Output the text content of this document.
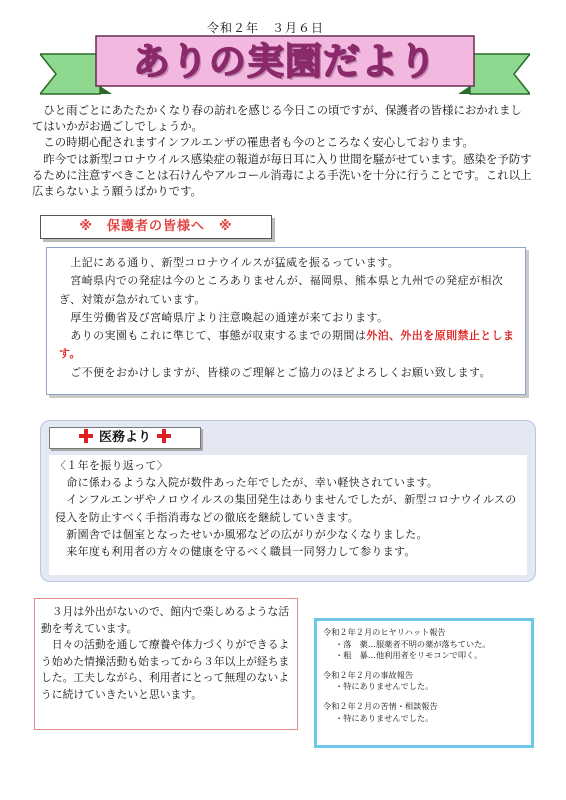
令和２年　３月６日
ありの実園だより

　ひと雨ごとにあたたかくなり春の訪れを感じる今日この頃ですが、保護者の皆様におかれましてはいかがお過ごしでしょうか。

　この時期心配されますインフルエンザの罹患者も今のところなく安心しております。

　昨今では新型コロナウイルス感染症の報道が毎日耳に入り世間を騒がせています。感染を予防するために注意すべきことは石けんやアルコール消毒による手洗いを十分に行うことです。これ以上広まらないよう願うばかりです。

※　保護者の皆様へ　※

　上記にある通り、新型コロナウイルスが猛威を振るっています。

　宮崎県内での発症は今のところありませんが、福岡県、熊本県と九州での発症が相次ぎ、対策が急がれています。

　厚生労働省及び宮崎県庁より注意喚起の通達が来ております。

　ありの実園もこれに準じて、事態が収束するまでの期間は外泊、外出を原則禁止とします。

　ご不便をおかけしますが、皆様のご理解とご協力のほどよろしくお願い致します。

医務より

〈１年を振り返って〉

　命に係わるような入院が数件あった年でしたが、幸い軽快されています。

　インフルエンザやノロウイルスの集団発生はありませんでしたが、新型コロナウイルスの侵入を防止すべく手指消毒などの徹底を継続していきます。

　新園舎では個室となったせいか風邪などの広がりが少なくなりました。

　来年度も利用者の方々の健康を守るべく職員一同努力して参ります。

　３月は外出がないので、館内で楽しめるような活動を考えています。

　日々の活動を通して療養や体力づくりができるよう始めた情操活動も始まってから３年以上が経ちました。工夫しながら、利用者にとって無理のないように続けていきたいと思います。

令和２年２月のヒヤリハット報告
・落　薬…服薬者不明の薬が落ちていた。
・粗　暴…他利用者をリモコンで叩く。
令和２年２月の事故報告
・特にありませんでした。
令和２年２月の苦情・相談報告
・特にありませんでした。
